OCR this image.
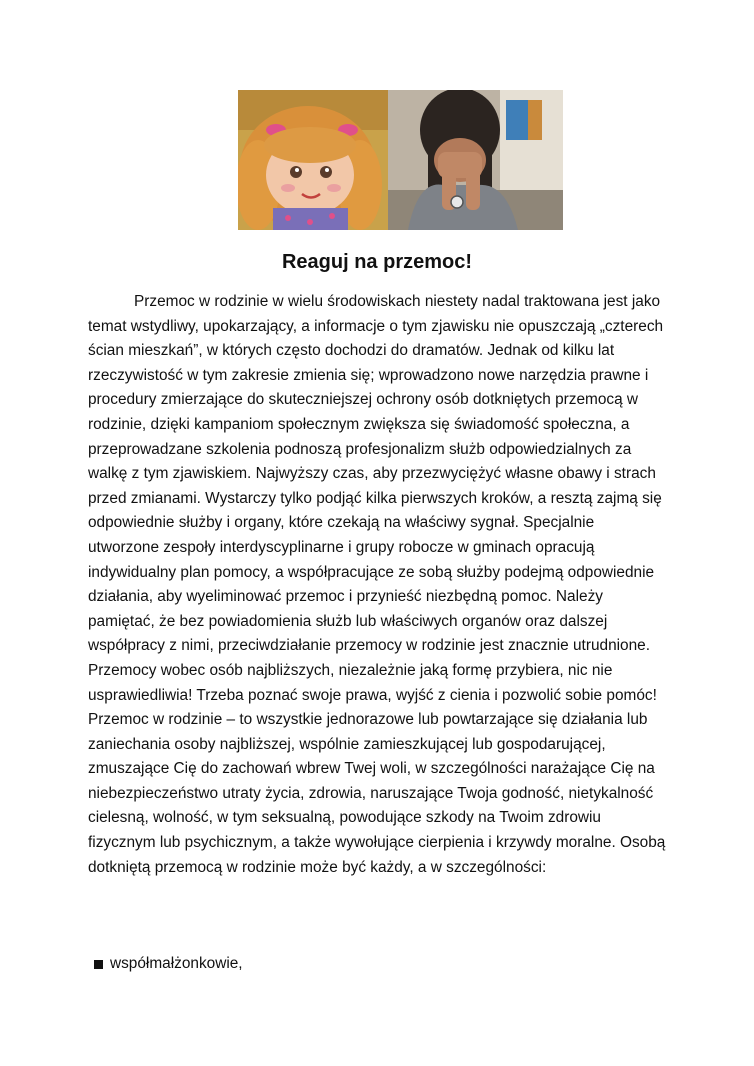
Reaguj na przemoc!

Przemoc w rodzinie w wielu środowiskach niestety nadal traktowana jest jako temat wstydliwy, upokarzający, a informacje o tym zjawisku nie opuszczają „czterech ścian mieszkań”, w których często dochodzi do dramatów. Jednak od kilku lat rzeczywistość w tym zakresie zmienia się; wprowadzono nowe narzędzia prawne i procedury zmierzające do skuteczniejszej ochrony osób dotkniętych przemocą w rodzinie, dzięki kampaniom społecznym zwiększa się świadomość społeczna, a przeprowadzane szkolenia podnoszą profesjonalizm służb odpowiedzialnych za walkę z tym zjawiskiem. Najwyższy czas, aby przezwyciężyć własne obawy i strach przed zmianami. Wystarczy tylko podjąć kilka pierwszych kroków, a resztą zajmą się odpowiednie służby i organy, które czekają na właściwy sygnał. Specjalnie utworzone zespoły interdyscyplinarne i grupy robocze w gminach opracują indywidualny plan pomocy, a współpracujące ze sobą służby podejmą odpowiednie działania, aby wyeliminować przemoc i przynieść niezbędną pomoc. Należy pamiętać, że bez powiadomienia służb lub właściwych organów oraz dalszej współpracy z nimi, przeciwdziałanie przemocy w rodzinie jest znacznie utrudnione. Przemocy wobec osób najbliższych, niezależnie jaką formę przybiera, nic nie usprawiedliwia! Trzeba poznać swoje prawa, wyjść z cienia i pozwolić sobie pomóc! Przemoc w rodzinie – to wszystkie jednorazowe lub powtarzające się działania lub zaniechania osoby najbliższej, wspólnie zamieszkującej lub gospodarującej, zmuszające Cię do zachowań wbrew Twej woli, w szczególności narażające Cię na niebezpieczeństwo utraty życia, zdrowia, naruszające Twoja godność, nietykalność cielesną, wolność, w tym seksualną, powodujące szkody na Twoim zdrowiu fizycznym lub psychicznym, a także wywołujące cierpienia i krzywdy moralne. Osobą dotkniętą przemocą w rodzinie może być każdy, a w szczególności:

współmałżonkowie,
